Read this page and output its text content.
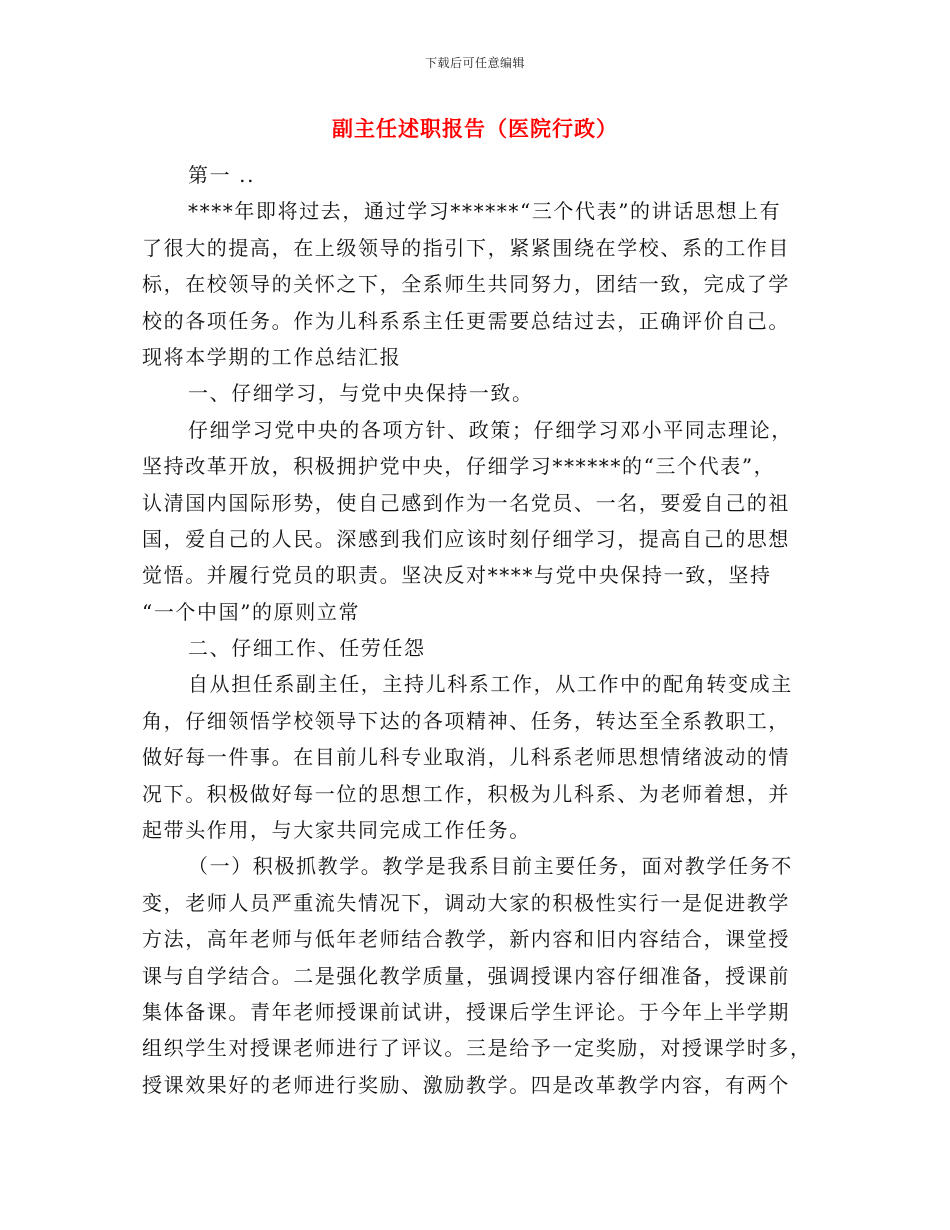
下载后可任意编辑
副主任述职报告（医院行政）
第一 ..
****年即将过去，通过学习******“三个代表”的讲话思想上有
了很大的提高，在上级领导的指引下，紧紧围绕在学校、系的工作目
标，在校领导的关怀之下，全系师生共同努力，团结一致，完成了学
校的各项任务。作为儿科系系主任更需要总结过去，正确评价自己。
现将本学期的工作总结汇报
一、仔细学习，与党中央保持一致。
仔细学习党中央的各项方针、政策；仔细学习邓小平同志理论，
坚持改革开放，积极拥护党中央，仔细学习******的“三个代表”，
认清国内国际形势，使自己感到作为一名党员、一名，要爱自己的祖
国，爱自己的人民。深感到我们应该时刻仔细学习，提高自己的思想
觉悟。并履行党员的职责。坚决反对****与党中央保持一致，坚持
“一个中国”的原则立常
二、仔细工作、任劳任怨
自从担任系副主任，主持儿科系工作，从工作中的配角转变成主
角，仔细领悟学校领导下达的各项精神、任务，转达至全系教职工，
做好每一件事。在目前儿科专业取消，儿科系老师思想情绪波动的情
况下。积极做好每一位的思想工作，积极为儿科系、为老师着想，并
起带头作用，与大家共同完成工作任务。
（一）积极抓教学。教学是我系目前主要任务，面对教学任务不
变，老师人员严重流失情况下，调动大家的积极性实行一是促进教学
方法，高年老师与低年老师结合教学，新内容和旧内容结合，课堂授
课与自学结合。二是强化教学质量，强调授课内容仔细准备，授课前
集体备课。青年老师授课前试讲，授课后学生评论。于今年上半学期
组织学生对授课老师进行了评议。三是给予一定奖励，对授课学时多，
授课效果好的老师进行奖励、激励教学。四是改革教学内容，有两个
